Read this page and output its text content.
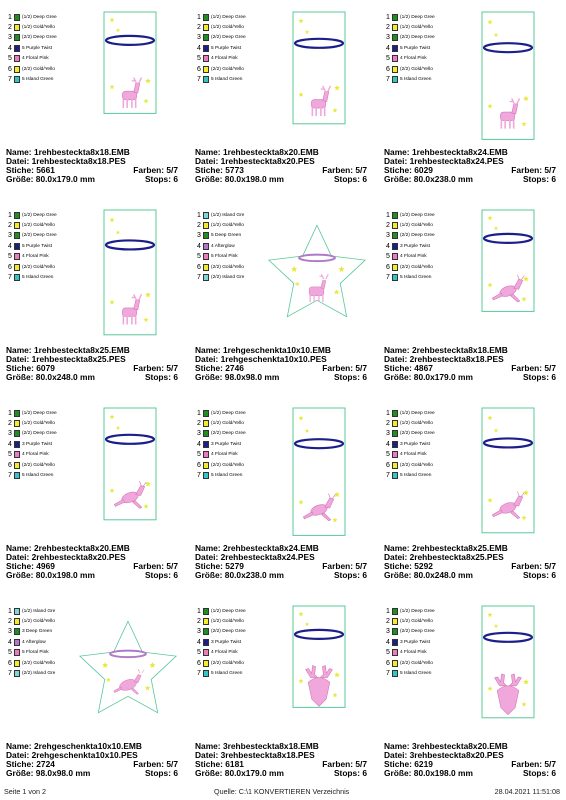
1	(1/2) Deep Gree
2	(1/2) Gold/Yello
3	(2/2) Deep Gree
4	5 Purple Twist
5	4 Floral Pink
6	(2/2) Gold/Yello
7	5 Island Green
Name: 1rehbesteckta8x18.EMB
Datei: 1rehbesteckta8x18.PES
Stiche: 5661	Farben: 5/7
Größe: 80.0x179.0 mm	Stops: 6
1	(1/2) Deep Gree
2	(1/2) Gold/Yello
3	(2/2) Deep Gree
4	5 Purple Twist
5	4 Floral Pink
6	(2/2) Gold/Yello
7	5 Island Green
Name: 1rehbesteckta8x20.EMB
Datei: 1rehbesteckta8x20.PES
Stiche: 5773	Farben: 5/7
Größe: 80.0x198.0 mm	Stops: 6
1	(1/2) Deep Gree
2	(1/2) Gold/Yello
3	(2/2) Deep Gree
4	5 Purple Twist
5	4 Floral Pink
6	(2/2) Gold/Yello
7	5 Island Green
Name: 1rehbesteckta8x24.EMB
Datei: 1rehbesteckta8x24.PES
Stiche: 6029	Farben: 5/7
Größe: 80.0x238.0 mm	Stops: 6
1	(1/2) Deep Gree
2	(1/2) Gold/Yello
3	(2/2) Deep Gree
4	5 Purple Twist
5	4 Floral Pink
6	(2/2) Gold/Yello
7	5 Island Green
Name: 1rehbesteckta8x25.EMB
Datei: 1rehbesteckta8x25.PES
Stiche: 6079	Farben: 5/7
Größe: 80.0x248.0 mm	Stops: 6
1	(1/2) Island Gre
2	(1/2) Gold/Yello
3	5 Deep Green
4	4 Afterglow
5	5 Floral Pink
6	(2/2) Gold/Yello
7	(2/2) Island Gre
Name: 1rehgeschenkta10x10.EMB
Datei: 1rehgeschenkta10x10.PES
Stiche: 2746	Farben: 5/7
Größe: 98.0x98.0 mm	Stops: 6
1	(1/2) Deep Gree
2	(1/2) Gold/Yello
3	(2/2) Deep Gree
4	3 Purple Twist
5	4 Floral Pink
6	(2/2) Gold/Yello
7	5 Island Green
Name: 2rehbesteckta8x18.EMB
Datei: 2rehbesteckta8x18.PES
Stiche: 4867	Farben: 5/7
Größe: 80.0x179.0 mm	Stops: 6
1	(1/2) Deep Gree
2	(1/2) Gold/Yello
3	(2/2) Deep Gree
4	3 Purple Twist
5	4 Floral Pink
6	(2/2) Gold/Yello
7	5 Island Green
Name: 2rehbesteckta8x20.EMB
Datei: 2rehbesteckta8x20.PES
Stiche: 4969	Farben: 5/7
Größe: 80.0x198.0 mm	Stops: 6
1	(1/2) Deep Gree
2	(1/2) Gold/Yello
3	(2/2) Deep Gree
4	3 Purple Twist
5	4 Floral Pink
6	(2/2) Gold/Yello
7	5 Island Green
Name: 2rehbesteckta8x24.EMB
Datei: 2rehbesteckta8x24.PES
Stiche: 5279	Farben: 5/7
Größe: 80.0x238.0 mm	Stops: 6
1	(1/2) Deep Gree
2	(1/2) Gold/Yello
3	(2/2) Deep Gree
4	3 Purple Twist
5	4 Floral Pink
6	(2/2) Gold/Yello
7	5 Island Green
Name: 2rehbesteckta8x25.EMB
Datei: 2rehbesteckta8x25.PES
Stiche: 5292	Farben: 5/7
Größe: 80.0x248.0 mm	Stops: 6
1	(1/2) Island Gre
2	(1/2) Gold/Yello
3	3 Deep Green
4	4 Afterglow
5	5 Floral Pink
6	(2/2) Gold/Yello
7	(2/2) Island Gre
Name: 2rehgeschenkta10x10.EMB
Datei: 2rehgeschenkta10x10.PES
Stiche: 2724	Farben: 5/7
Größe: 98.0x98.0 mm	Stops: 6
1	(1/2) Deep Gree
2	(1/2) Gold/Yello
3	(2/2) Deep Gree
4	3 Purple Twist
5	4 Floral Pink
6	(2/2) Gold/Yello
7	5 Island Green
Name: 3rehbesteckta8x18.EMB
Datei: 3rehbesteckta8x18.PES
Stiche: 6181	Farben: 5/7
Größe: 80.0x179.0 mm	Stops: 6
1	(1/2) Deep Gree
2	(1/2) Gold/Yello
3	(2/2) Deep Gree
4	3 Purple Twist
5	4 Floral Pink
6	(2/2) Gold/Yello
7	5 Island Green
Name: 3rehbesteckta8x20.EMB
Datei: 3rehbesteckta8x20.PES
Stiche: 6219	Farben: 5/7
Größe: 80.0x198.0 mm	Stops: 6
Seite 1 von 2	Quelle: C:\1 KONVERTIEREN Verzeichnis	28.04.2021 11:51:08
